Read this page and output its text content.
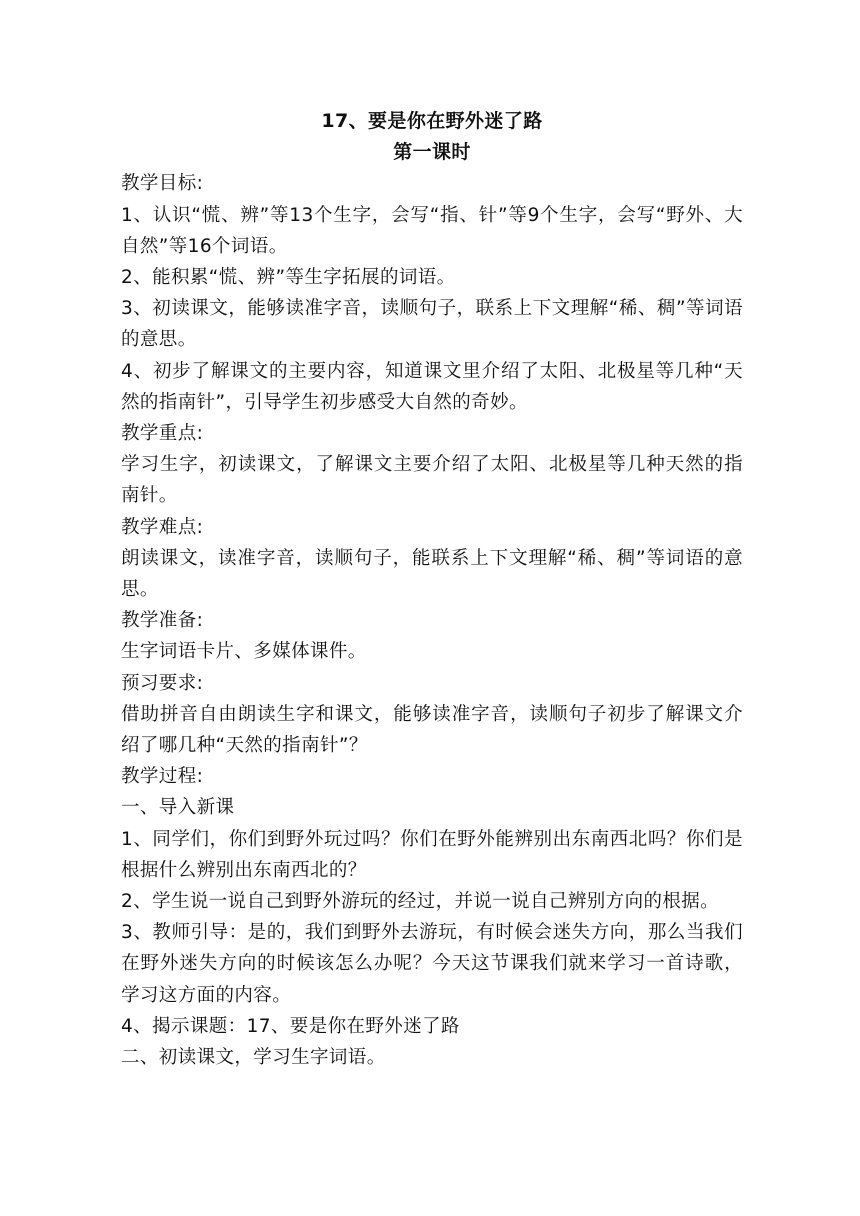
17、要是你在野外迷了路

第一课时

教学目标:

1、认识“慌、辨”等13个生字，会写“指、针”等9个生字，会写“野外、大自然”等16个词语。

2、能积累“慌、辨”等生字拓展的词语。

3、初读课文，能够读准字音，读顺句子，联系上下文理解“稀、稠”等词语的意思。

4、初步了解课文的主要内容，知道课文里介绍了太阳、北极星等几种“天然的指南针”，引导学生初步感受大自然的奇妙。

教学重点:

学习生字，初读课文，了解课文主要介绍了太阳、北极星等几种天然的指南针。

教学难点:

朗读课文，读准字音，读顺句子，能联系上下文理解“稀、稠”等词语的意思。

教学准备:

生字词语卡片、多媒体课件。

预习要求:

借助拼音自由朗读生字和课文，能够读准字音，读顺句子初步了解课文介绍了哪几种“天然的指南针”？

教学过程:

一、导入新课

1、同学们，你们到野外玩过吗？你们在野外能辨别出东南西北吗？你们是根据什么辨别出东南西北的？

2、学生说一说自己到野外游玩的经过，并说一说自己辨别方向的根据。

3、教师引导：是的，我们到野外去游玩，有时候会迷失方向，那么当我们在野外迷失方向的时候该怎么办呢？今天这节课我们就来学习一首诗歌，学习这方面的内容。

4、揭示课题：17、要是你在野外迷了路

二、初读课文，学习生字词语。
